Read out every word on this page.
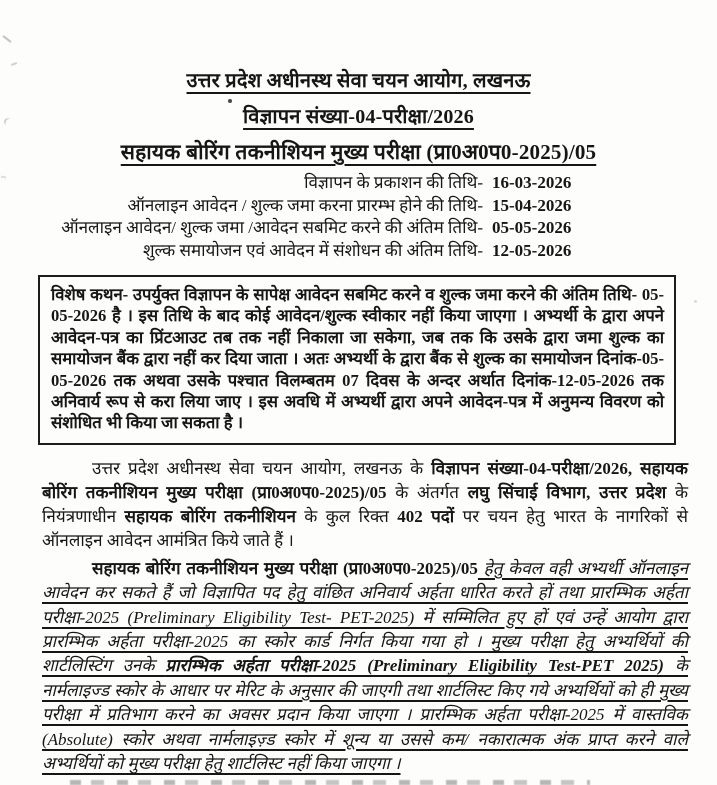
उत्तर प्रदेश अधीनस्थ सेवा चयन आयोग, लखनऊ
विज्ञापन संख्या-04-परीक्षा/2026
सहायक बोरिंग तकनीशियन मुख्य परीक्षा (प्रा0अ0प0-2025)/05
विज्ञापन के प्रकाशन की तिथि- 16-03-2026
ऑनलाइन आवेदन / शुल्क जमा करना प्रारम्भ होने की तिथि- 15-04-2026
ऑनलाइन आवेदन/ शुल्क जमा /आवेदन सबमिट करने की अंतिम तिथि- 05-05-2026
शुल्क समायोजन एवं आवेदन में संशोधन की अंतिम तिथि- 12-05-2026

विशेष कथन- उपर्युक्त विज्ञापन के सापेक्ष आवेदन सबमिट करने व शुल्क जमा करने की अंतिम तिथि- 05-05-2026 है । इस तिथि के बाद कोई आवेदन/शुल्क स्वीकार नहीं किया जाएगा । अभ्यर्थी के द्वारा अपने आवेदन-पत्र का प्रिंटआउट तब तक नहीं निकाला जा सकेगा, जब तक कि उसके द्वारा जमा शुल्क का समायोजन बैंक द्वारा नहीं कर दिया जाता । अतः अभ्यर्थी के द्वारा बैंक से शुल्क का समायोजन दिनांक-05-05-2026 तक अथवा उसके पश्चात विलम्बतम 07 दिवस के अन्दर अर्थात दिनांक-12-05-2026 तक अनिवार्य रूप से करा लिया जाए । इस अवधि में अभ्यर्थी द्वारा अपने आवेदन-पत्र में अनुमन्य विवरण को संशोधित भी किया जा सकता है ।

उत्तर प्रदेश अधीनस्थ सेवा चयन आयोग, लखनऊ के विज्ञापन संख्या-04-परीक्षा/2026, सहायक बोरिंग तकनीशियन मुख्य परीक्षा (प्रा0अ0प0-2025)/05 के अंतर्गत लघु सिंचाई विभाग, उत्तर प्रदेश के नियंत्रणाधीन सहायक बोरिंग तकनीशियन के कुल रिक्त 402 पदों पर चयन हेतु भारत के नागरिकों से ऑनलाइन आवेदन आमंत्रित किये जाते हैं ।

सहायक बोरिंग तकनीशियन मुख्य परीक्षा (प्रा0अ0प0-2025)/05 हेतु केवल वही अभ्यर्थी ऑनलाइन आवेदन कर सकते हैं जो विज्ञापित पद हेतु वांछित अनिवार्य अर्हता धारित करते हों तथा प्रारम्भिक अर्हता परीक्षा-2025 (Preliminary Eligibility Test- PET-2025) में सम्मिलित हुए हों एवं उन्हें आयोग द्वारा प्रारम्भिक अर्हता परीक्षा-2025 का स्कोर कार्ड निर्गत किया गया हो । मुख्य परीक्षा हेतु अभ्यर्थियों की शार्टलिस्टिंग उनके प्रारम्भिक अर्हता परीक्षा-2025 (Preliminary Eligibility Test-PET 2025) के नार्मलाइज्ड स्कोर के आधार पर मेरिट के अनुसार की जाएगी तथा शार्टलिस्ट किए गये अभ्यर्थियों को ही मुख्य परीक्षा में प्रतिभाग करने का अवसर प्रदान किया जाएगा । प्रारम्भिक अर्हता परीक्षा-2025 में वास्तविक (Absolute) स्कोर अथवा नार्मलाइज़्ड स्कोर में शून्य या उससे कम/ नकारात्मक अंक प्राप्त करने वाले अभ्यर्थियों को मुख्य परीक्षा हेतु शार्टलिस्ट नहीं किया जाएगा ।
